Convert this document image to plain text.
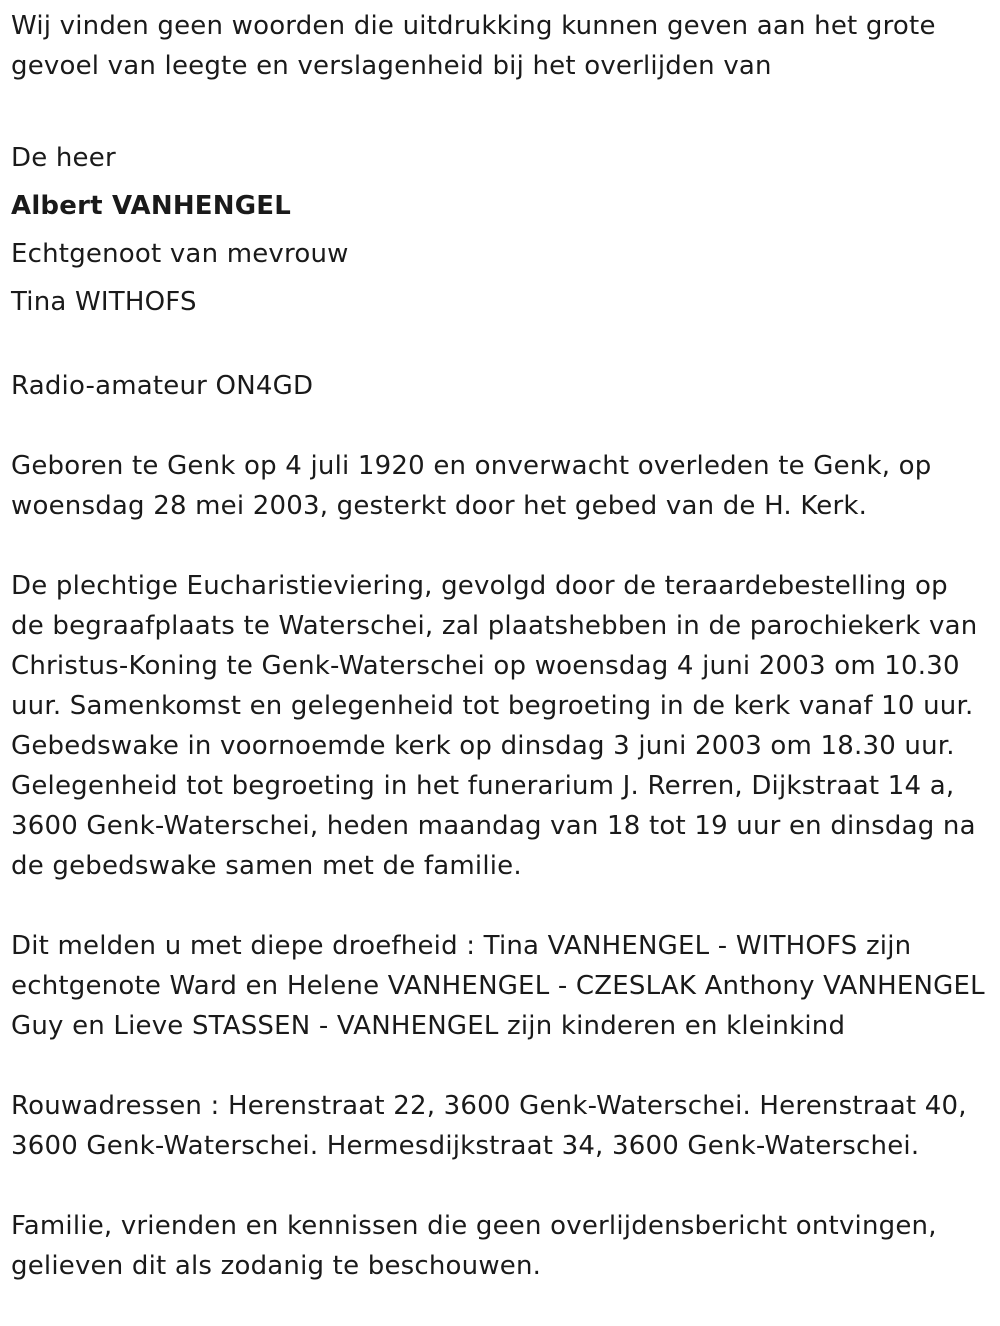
Wij vinden geen woorden die uitdrukking kunnen geven aan het grote gevoel van leegte en verslagenheid bij het overlijden van

De heer

Albert VANHENGEL

Echtgenoot van mevrouw

Tina WITHOFS

Radio-amateur ON4GD

Geboren te Genk op 4 juli 1920 en onverwacht overleden te Genk, op woensdag 28 mei 2003, gesterkt door het gebed van de H. Kerk.

De plechtige Eucharistieviering, gevolgd door de teraardebestelling op de begraafplaats te Waterschei, zal plaatshebben in de parochiekerk van Christus-Koning te Genk-Waterschei op woensdag 4 juni 2003 om 10.30 uur. Samenkomst en gelegenheid tot begroeting in de kerk vanaf 10 uur. Gebedswake in voornoemde kerk op dinsdag 3 juni 2003 om 18.30 uur. Gelegenheid tot begroeting in het funerarium J. Rerren, Dijkstraat 14 a, 3600 Genk-Waterschei, heden maandag van 18 tot 19 uur en dinsdag na de gebedswake samen met de familie.

Dit melden u met diepe droefheid : Tina VANHENGEL - WITHOFS zijn echtgenote Ward en Helene VANHENGEL - CZESLAK Anthony VANHENGEL Guy en Lieve STASSEN - VANHENGEL zijn kinderen en kleinkind

Rouwadressen : Herenstraat 22, 3600 Genk-Waterschei. Herenstraat 40, 3600 Genk-Waterschei. Hermesdijkstraat 34, 3600 Genk-Waterschei.

Familie, vrienden en kennissen die geen overlijdensbericht ontvingen, gelieven dit als zodanig te beschouwen.
